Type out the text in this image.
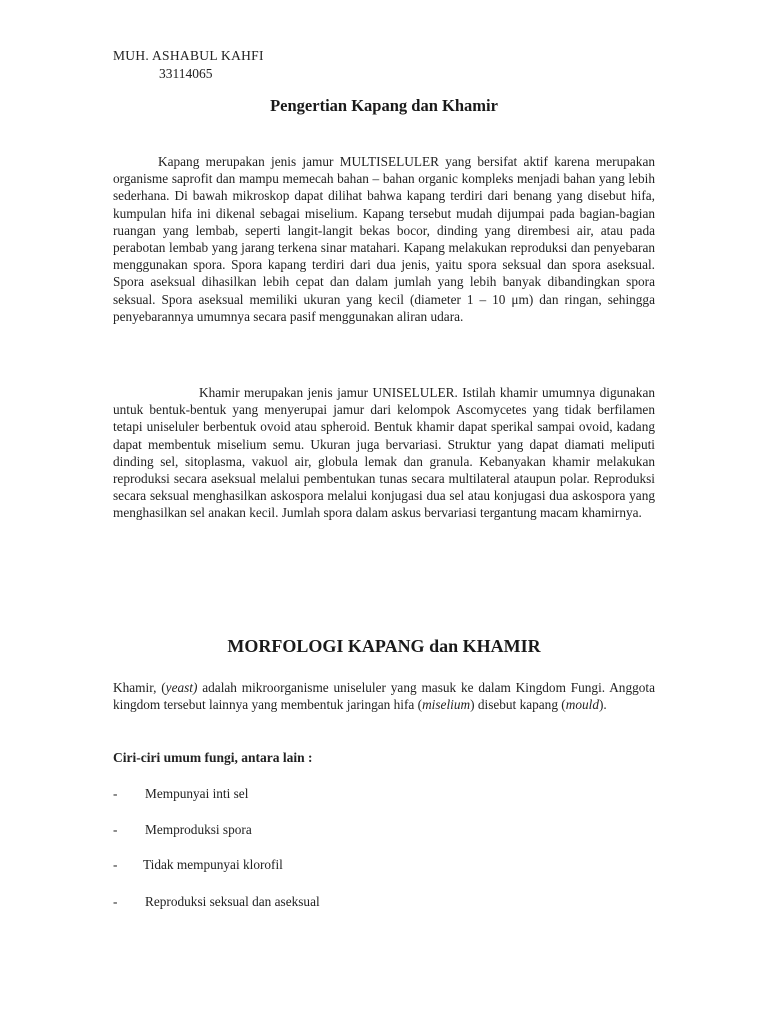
MUH. ASHABUL KAHFI
33114065
Pengertian Kapang dan Khamir

Kapang merupakan jenis jamur MULTISELULER yang bersifat aktif karena merupakan organisme saprofit dan mampu memecah bahan – bahan organic kompleks menjadi bahan yang lebih sederhana. Di bawah mikroskop dapat dilihat bahwa kapang terdiri dari benang yang disebut hifa, kumpulan hifa ini dikenal sebagai miselium. Kapang tersebut mudah dijumpai pada bagian-bagian ruangan yang lembab, seperti langit-langit bekas bocor, dinding yang dirembesi air, atau pada perabotan lembab yang jarang terkena sinar matahari. Kapang melakukan reproduksi dan penyebaran menggunakan spora. Spora kapang terdiri dari dua jenis, yaitu spora seksual dan spora aseksual. Spora aseksual dihasilkan lebih cepat dan dalam jumlah yang lebih banyak dibandingkan spora seksual. Spora aseksual memiliki ukuran yang kecil (diameter 1 – 10 μm) dan ringan, sehingga penyebarannya umumnya secara pasif menggunakan aliran udara.

Khamir merupakan jenis jamur UNISELULER. Istilah khamir umumnya digunakan untuk bentuk-bentuk yang menyerupai jamur dari kelompok Ascomycetes yang tidak berfilamen tetapi uniseluler berbentuk ovoid atau spheroid. Bentuk khamir dapat sperikal sampai ovoid, kadang dapat membentuk miselium semu. Ukuran juga bervariasi. Struktur yang dapat diamati meliputi dinding sel, sitoplasma, vakuol air, globula lemak dan granula. Kebanyakan khamir melakukan reproduksi secara aseksual melalui pembentukan tunas secara multilateral ataupun polar. Reproduksi secara seksual menghasilkan askospora melalui konjugasi dua sel atau konjugasi dua askospora yang menghasilkan sel anakan kecil. Jumlah spora dalam askus bervariasi tergantung macam khamirnya.

MORFOLOGI KAPANG dan KHAMIR

Khamir, (yeast) adalah mikroorganisme uniseluler yang masuk ke dalam Kingdom Fungi. Anggota kingdom tersebut lainnya yang membentuk jaringan hifa (miselium) disebut kapang (mould).

Ciri-ciri umum fungi, antara lain :
- Mempunyai inti sel
- Memproduksi spora
- Tidak mempunyai klorofil
- Reproduksi seksual dan aseksual
